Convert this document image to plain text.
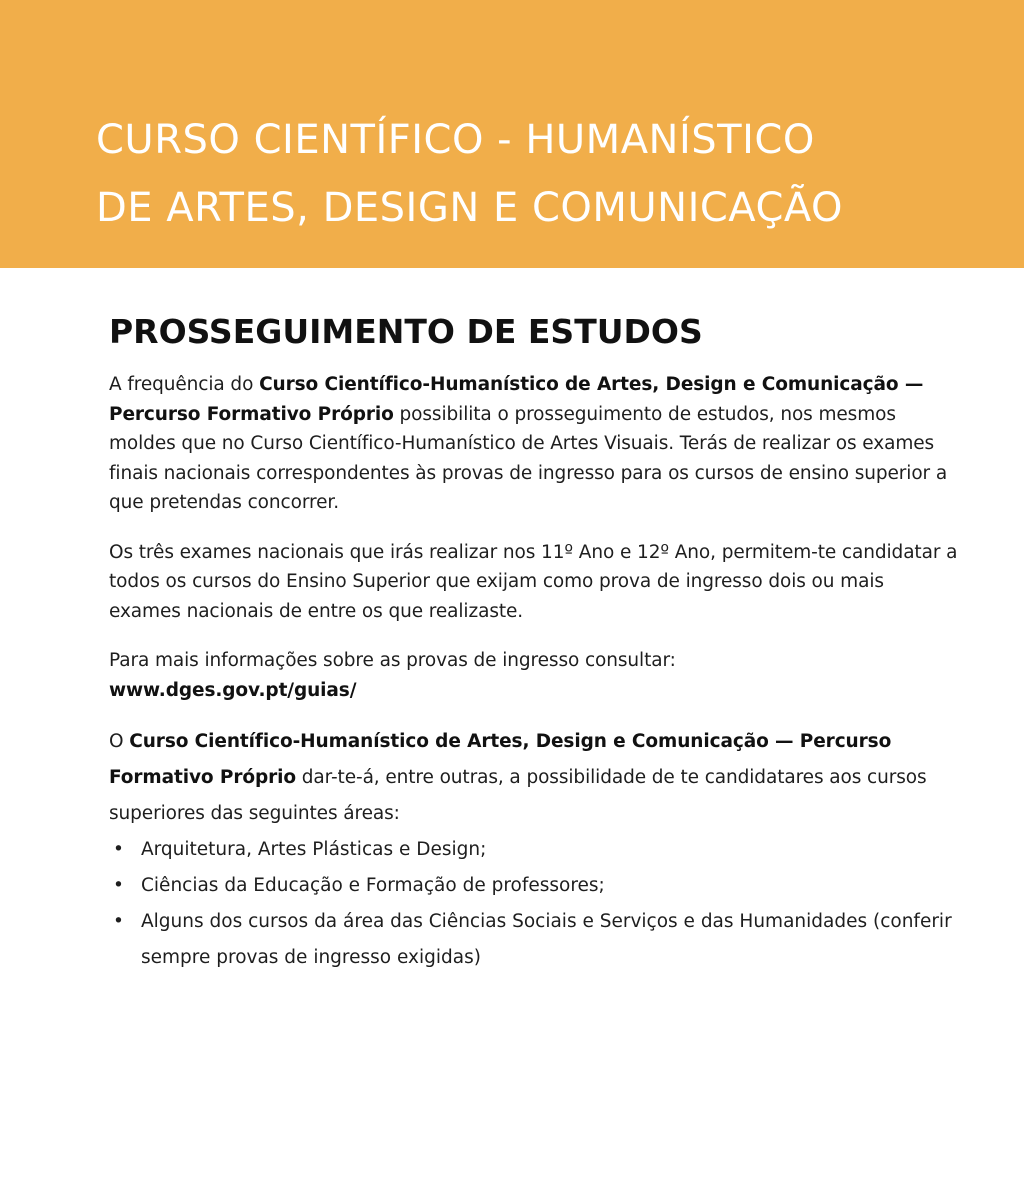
CURSO CIENTÍFICO - HUMANÍSTICO
DE ARTES, DESIGN E COMUNICAÇÃO
PROSSEGUIMENTO DE ESTUDOS

A frequência do Curso Científico-Humanístico de Artes, Design e Comunicação — Percurso Formativo Próprio possibilita o prosseguimento de estudos, nos mesmos moldes que no Curso Científico-Humanístico de Artes Visuais. Terás de realizar os exames finais nacionais correspondentes às provas de ingresso para os cursos de ensino superior a que pretendas concorrer.

Os três exames nacionais que irás realizar nos 11º Ano e 12º Ano, permitem-te candidatar a todos os cursos do Ensino Superior que exijam como prova de ingresso dois ou mais exames nacionais de entre os que realizaste.

Para mais informações sobre as provas de ingresso consultar:
www.dges.gov.pt/guias/

O Curso Científico-Humanístico de Artes, Design e Comunicação — Percurso Formativo Próprio dar-te-á, entre outras, a possibilidade de te candidatares aos cursos superiores das seguintes áreas:

• Arquitetura, Artes Plásticas e Design;
• Ciências da Educação e Formação de professores;
• Alguns dos cursos da área das Ciências Sociais e Serviços e das Humanidades (conferir sempre provas de ingresso exigidas)
